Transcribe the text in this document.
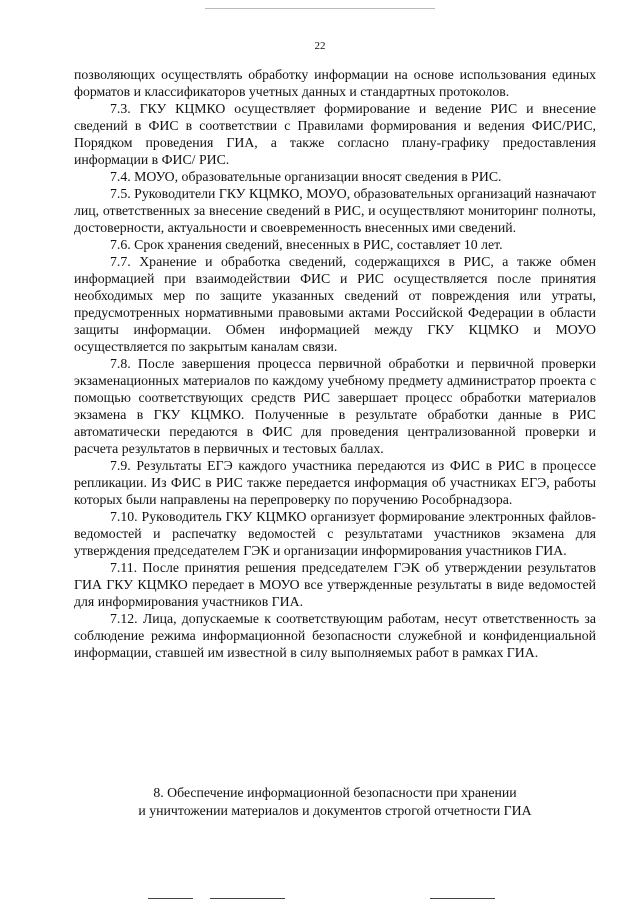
22

позволяющих осуществлять обработку информации на основе использования единых форматов и классификаторов учетных данных и стандартных протоколов.

7.3. ГКУ КЦМКО осуществляет формирование и ведение РИС и внесение сведений в ФИС в соответствии с Правилами формирования и ведения ФИС/РИС, Порядком проведения ГИА, а также согласно плану-графику предоставления информации в ФИС/ РИС.

7.4. МОУО, образовательные организации вносят сведения в РИС.

7.5. Руководители ГКУ КЦМКО, МОУО, образовательных организаций назначают лиц, ответственных за внесение сведений в РИС, и осуществляют мониторинг полноты, достоверности, актуальности и своевременность внесенных ими сведений.

7.6. Срок хранения сведений, внесенных в РИС, составляет 10 лет.

7.7. Хранение и обработка сведений, содержащихся в РИС, а также обмен информацией при взаимодействии ФИС и РИС осуществляется после принятия необходимых мер по защите указанных сведений от повреждения или утраты, предусмотренных нормативными правовыми актами Российской Федерации в области защиты информации. Обмен информацией между ГКУ КЦМКО и МОУО осуществляется по закрытым каналам связи.

7.8. После завершения процесса первичной обработки и первичной проверки экзаменационных материалов по каждому учебному предмету администратор проекта с помощью соответствующих средств РИС завершает процесс обработки материалов экзамена в ГКУ КЦМКО. Полученные в результате обработки данные в РИС автоматически передаются в ФИС для проведения централизованной проверки и расчета результатов в первичных и тестовых баллах.

7.9. Результаты ЕГЭ каждого участника передаются из ФИС в РИС в процессе репликации. Из ФИС в РИС также передается информация об участниках ЕГЭ, работы которых были направлены на перепроверку по поручению Рособрнадзора.

7.10. Руководитель ГКУ КЦМКО организует формирование электронных файлов-ведомостей и распечатку ведомостей с результатами участников экзамена для утверждения председателем ГЭК и организации информирования участников ГИА.

7.11. После принятия решения председателем ГЭК об утверждении результатов ГИА ГКУ КЦМКО передает в МОУО все утвержденные результаты в виде ведомостей для информирования участников ГИА.

7.12. Лица, допускаемые к соответствующим работам, несут ответственность за соблюдение режима информационной безопасности служебной и конфиденциальной информации, ставшей им известной в силу выполняемых работ в рамках ГИА.

8. Обеспечение информационной безопасности при хранении
и уничтожении материалов и документов строгой отчетности ГИА
